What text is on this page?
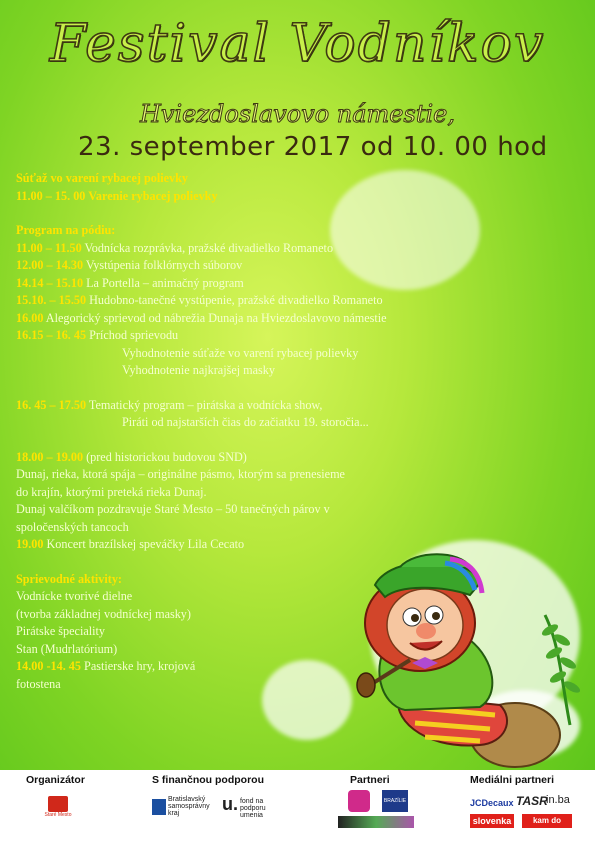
Festival Vodníkov
Hviezdoslavovo námestie,
23. september 2017 od 10. 00 hod
Súťaž vo varení rybacej polievky
11.00 – 15. 00 Varenie rybacej polievky
Program na pódiu:
11.00 – 11.50 Vodnícka rozprávka, pražské divadielko Romaneto
12.00 – 14.30 Vystúpenia folklórnych súborov
14.14 – 15.10 La Portella – animačný program
15.10. – 15.50 Hudobno-tanečné vystúpenie, pražské divadielko Romaneto
16.00 Alegorický sprievod od nábrežia Dunaja na Hviezdoslavovo námestie
16.15 – 16. 45 Príchod sprievodu
Vyhodnotenie súťaže vo varení rybacej polievky
Vyhodnotenie najkrajšej masky
16. 45 – 17.50 Tematický program – pirátska a vodnícka show,
Piráti od najstarších čias do začiatku 19. storočia...
18.00 – 19.00 (pred historickou budovou SND)
Dunaj, rieka, ktorá spája – originálne pásmo, ktorým sa prenesieme
do krajín, ktorými preteká rieka Dunaj.
Dunaj valčíkom pozdravuje Staré Mesto – 50 tanečných párov v
spoločenských tancoch
19.00 Koncert brazílskej speváčky Lila Cecato
Sprievodné aktivity:
Vodnícke tvorivé dielne
(tvorba základnej vodníckej masky)
Pirátske špeciality
Stan (Mudrlatórium)
14.00 -14. 45 Pastierske hry, krojová
fotostena
Organizátor	S finančnou podporou	Partneri	Mediálni partneri
Staré Mesto
Bratislavský samosprávny kraj	u. fond na podporu umenia
BRAZÍLIE	JCDecaux TASR
in.ba
slovenka	kam do mesta
